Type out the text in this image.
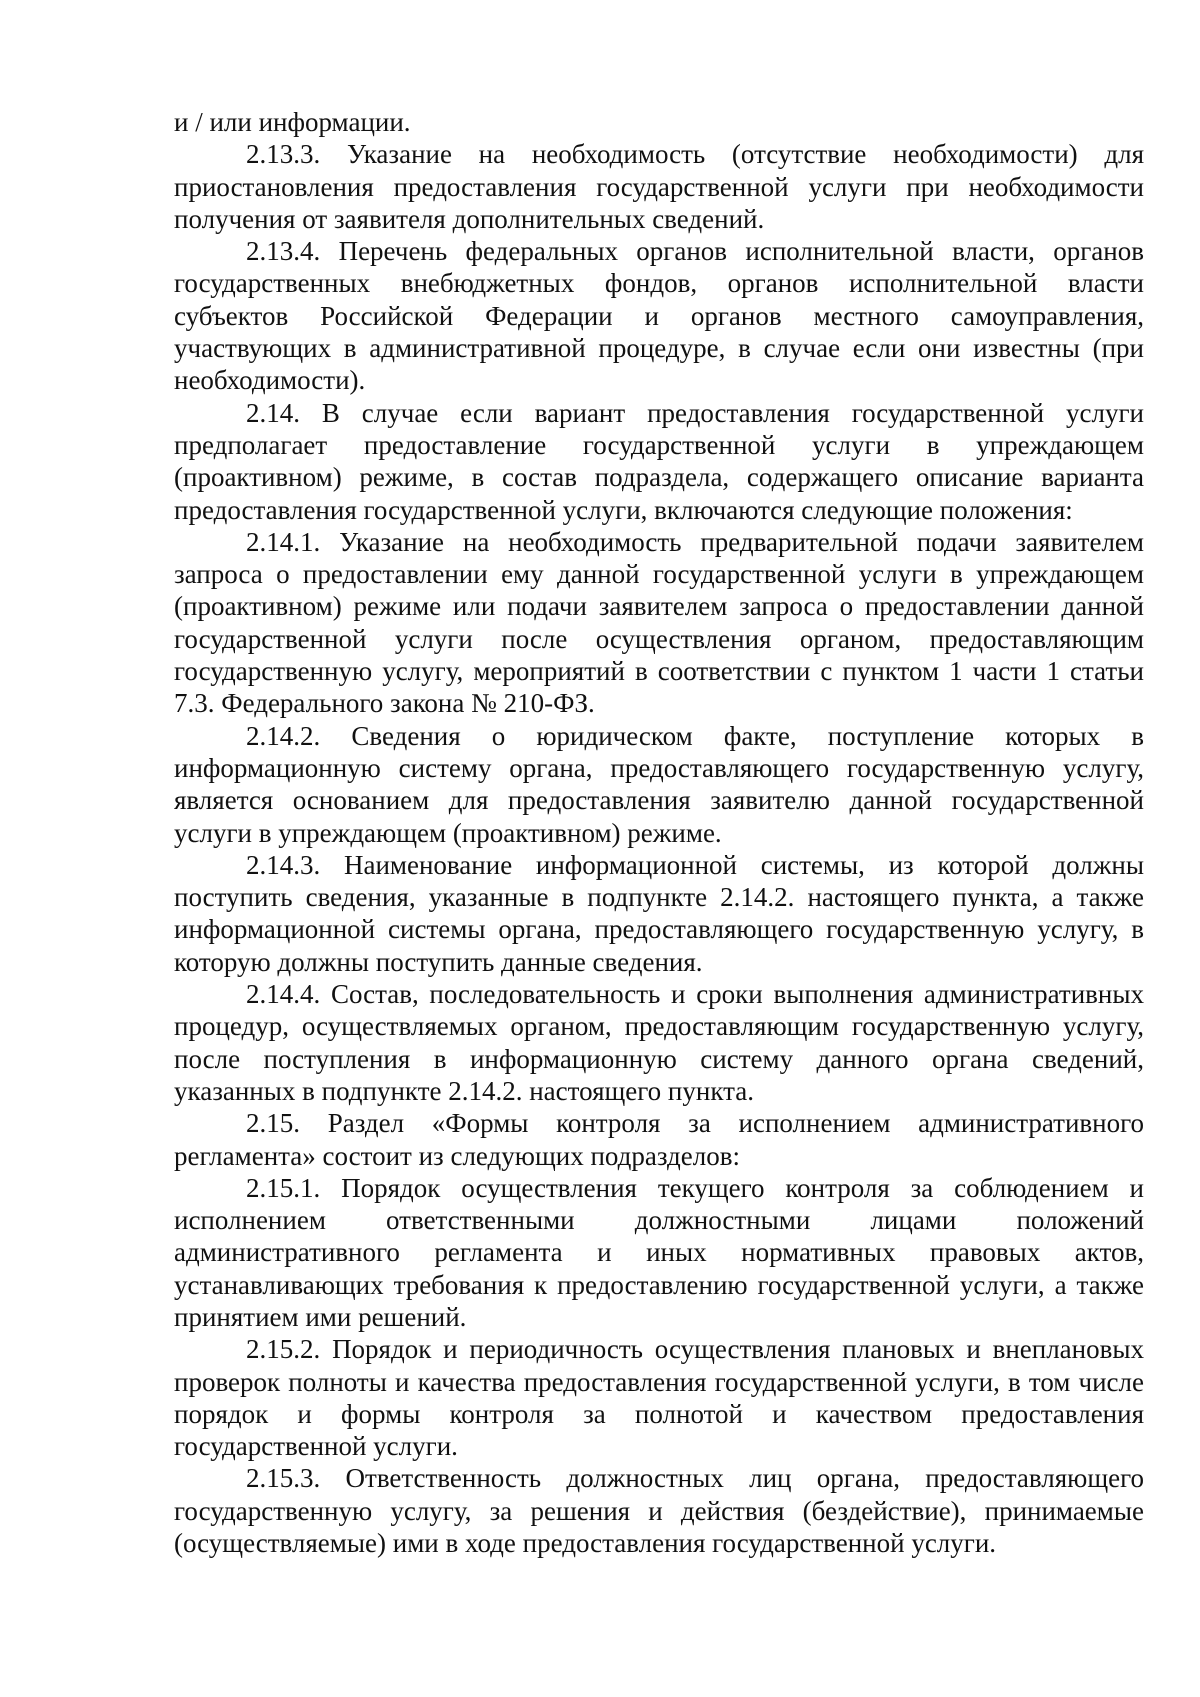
и / или информации.

2.13.3. Указание на необходимость (отсутствие необходимости) для приостановления предоставления государственной услуги при необходимости получения от заявителя дополнительных сведений.

2.13.4. Перечень федеральных органов исполнительной власти, органов государственных внебюджетных фондов, органов исполнительной власти субъектов Российской Федерации и органов местного самоуправления, участвующих в административной процедуре, в случае если они известны (при необходимости).

2.14. В случае если вариант предоставления государственной услуги предполагает предоставление государственной услуги в упреждающем (проактивном) режиме, в состав подраздела, содержащего описание варианта предоставления государственной услуги, включаются следующие положения:

2.14.1. Указание на необходимость предварительной подачи заявителем запроса о предоставлении ему данной государственной услуги в упреждающем (проактивном) режиме или подачи заявителем запроса о предоставлении данной государственной услуги после осуществления органом, предоставляющим государственную услугу, мероприятий в соответствии с пунктом 1 части 1 статьи 7.3. Федерального закона № 210-ФЗ.

2.14.2. Сведения о юридическом факте, поступление которых в информационную систему органа, предоставляющего государственную услугу, является основанием для предоставления заявителю данной государственной услуги в упреждающем (проактивном) режиме.

2.14.3. Наименование информационной системы, из которой должны поступить сведения, указанные в подпункте 2.14.2. настоящего пункта, а также информационной системы органа, предоставляющего государственную услугу, в которую должны поступить данные сведения.

2.14.4. Состав, последовательность и сроки выполнения административных процедур, осуществляемых органом, предоставляющим государственную услугу, после поступления в информационную систему данного органа сведений, указанных в подпункте 2.14.2. настоящего пункта.

2.15. Раздел «Формы контроля за исполнением административного регламента» состоит из следующих подразделов:

2.15.1. Порядок осуществления текущего контроля за соблюдением и исполнением ответственными должностными лицами положений административного регламента и иных нормативных правовых актов, устанавливающих требования к предоставлению государственной услуги, а также принятием ими решений.

2.15.2. Порядок и периодичность осуществления плановых и внеплановых проверок полноты и качества предоставления государственной услуги, в том числе порядок и формы контроля за полнотой и качеством предоставления государственной услуги.

2.15.3. Ответственность должностных лиц органа, предоставляющего государственную услугу, за решения и действия (бездействие), принимаемые (осуществляемые) ими в ходе предоставления государственной услуги.
